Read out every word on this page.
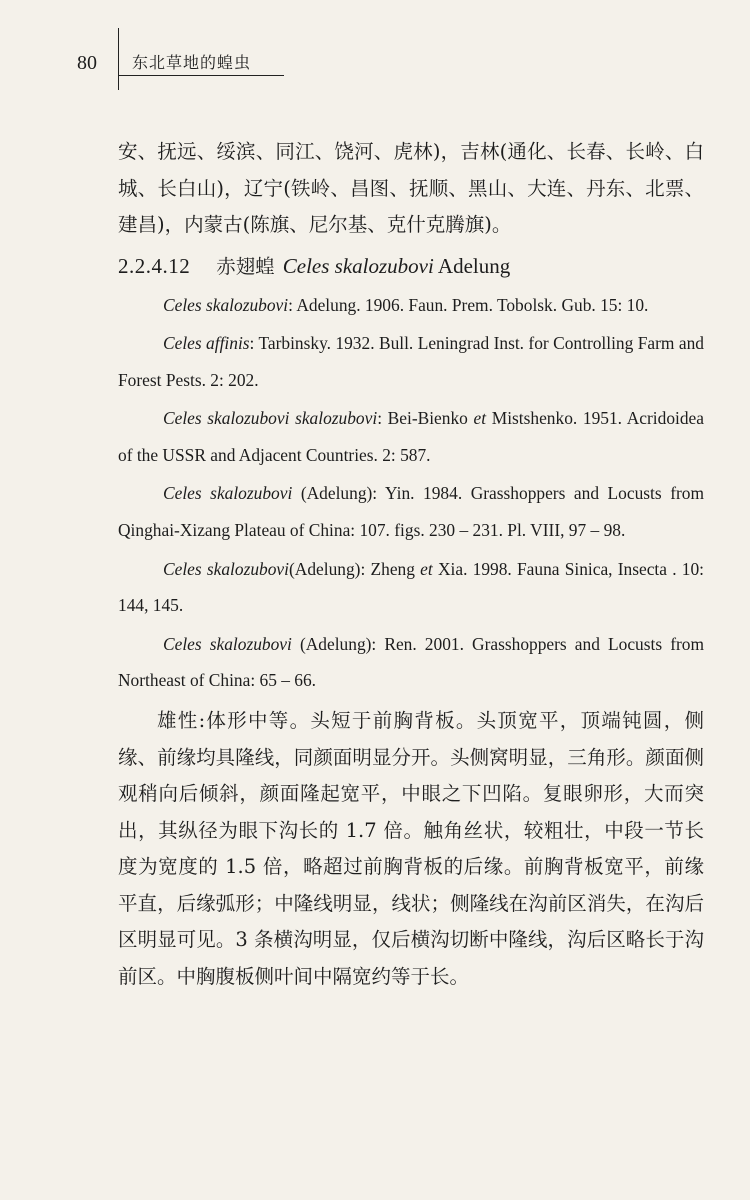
80 东北草地的蝗虫

安、抚远、绥滨、同江、饶河、虎林)，吉林(通化、长春、长岭、白城、长白山)，辽宁(铁岭、昌图、抚顺、黑山、大连、丹东、北票、建昌)，内蒙古(陈旗、尼尔基、克什克腾旗)。

2.2.4.12 赤翅蝗 Celes skalozubovi Adelung

Celes skalozubovi: Adelung. 1906. Faun. Prem. Tobolsk. Gub. 15: 10.

Celes affinis: Tarbinsky. 1932. Bull. Leningrad Inst. for Controlling Farm and Forest Pests. 2: 202.

Celes skalozubovi skalozubovi: Bei-Bienko et Mistshenko. 1951. Acridoidea of the USSR and Adjacent Countries. 2: 587.

Celes skalozubovi (Adelung): Yin. 1984. Grasshoppers and Locusts from Qinghai-Xizang Plateau of China: 107. figs. 230 – 231. Pl. VIII, 97 – 98.

Celes skalozubovi(Adelung): Zheng et Xia. 1998. Fauna Sinica, Insecta . 10: 144, 145.

Celes skalozubovi (Adelung): Ren. 2001. Grasshoppers and Locusts from Northeast of China: 65 – 66.

雄性:体形中等。头短于前胸背板。头顶宽平，顶端钝圆，侧缘、前缘均具隆线，同颜面明显分开。头侧窝明显，三角形。颜面侧观稍向后倾斜，颜面隆起宽平，中眼之下凹陷。复眼卵形，大而突出，其纵径为眼下沟长的 1.7 倍。触角丝状，较粗壮，中段一节长度为宽度的 1.5 倍，略超过前胸背板的后缘。前胸背板宽平，前缘平直，后缘弧形；中隆线明显，线状；侧隆线在沟前区消失，在沟后区明显可见。3 条横沟明显，仅后横沟切断中隆线，沟后区略长于沟前区。中胸腹板侧叶间中隔宽约等于长。
